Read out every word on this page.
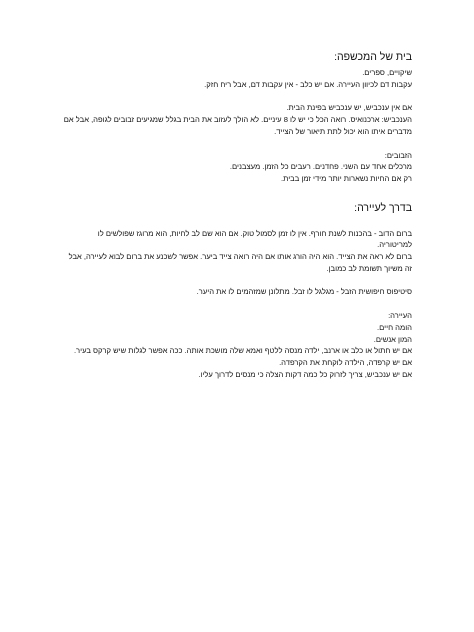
בית של המכשפה:
שיקויים, ספרים.
עקבות דם לכיוון העיירה. אם יש כלב - אין עקבות דם, אבל ריח חזק.
אם אין ענכביש, יש ענכביש בפינת הבית.
הענכביש: ארכנואיס. רואה הכל כי יש לו 8 עיניים. לא הולך לעזוב את הבית בגלל שמגיעים זבובים לגופה, אבל אם
מדברים איתו הוא יכול לתת תיאור של הצייד.
הזבובים:
מרכלים אחד עם השני. פחדנים. רעבים כל הזמן. מעצבנים.
רק אם החיות נשארות יותר מידי זמן בבית.
בדרך לעיירה:
ברום הדוב - בהכנות לשנת חורף. אין לו זמן לסמול טוק. אם הוא שם לב לחיות, הוא מרוגז שפולשים לו
למריטוריה.
ברום לא ראה את הצייד. הוא היה הורג אותו אם היה רואה צייד ביער. אפשר לשכנע את ברום לבוא לעיירה, אבל
זה משיוך תשומת לב כמובן.
סיטיפוס חיפושית הזבל - מגלגל לו זבל. מתלונן שמזהמים לו את היער.
העיירה:
הומה חיים.
המון אנשים.
אם יש חתול או כלב או ארנב, ילדה מנסה ללטף ואמא שלה מושכת אותה. ככה אפשר לגלות שיש קרקס בעיר.
אם יש קרפדה, הילדה לוקחת את הקרפדה.
אם יש ענכביש, צריך לזרוק כל כמה דקות הצלה כי מנסים לדרוך עליו.
